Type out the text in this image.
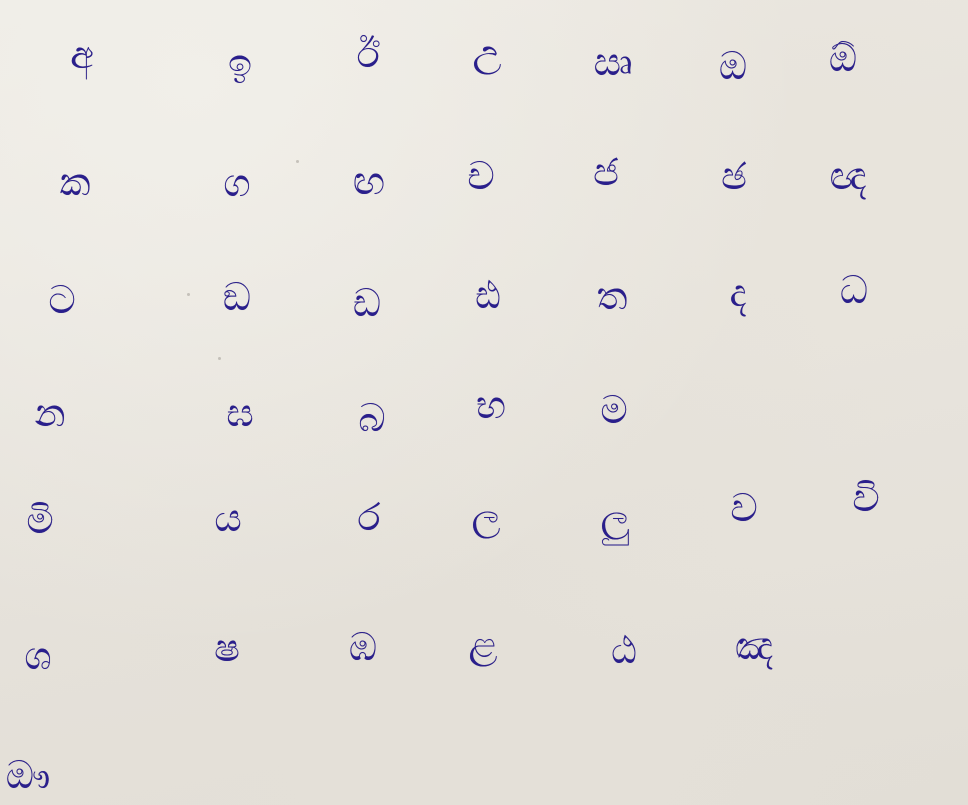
අ	ඉ	ඊ උ ඍ ඔ ඕ
ක	ග	ඟ ච	ජ	ඡ ඥ
ට	ඞ	ඩ ඪ	ත	ද ධ
න	ඝ	බ භ ම
මි	ය	ර ල	ලු	ව වි
ශ	ෂ	ඹ ළ	ඨ	ඤ
ඖ
